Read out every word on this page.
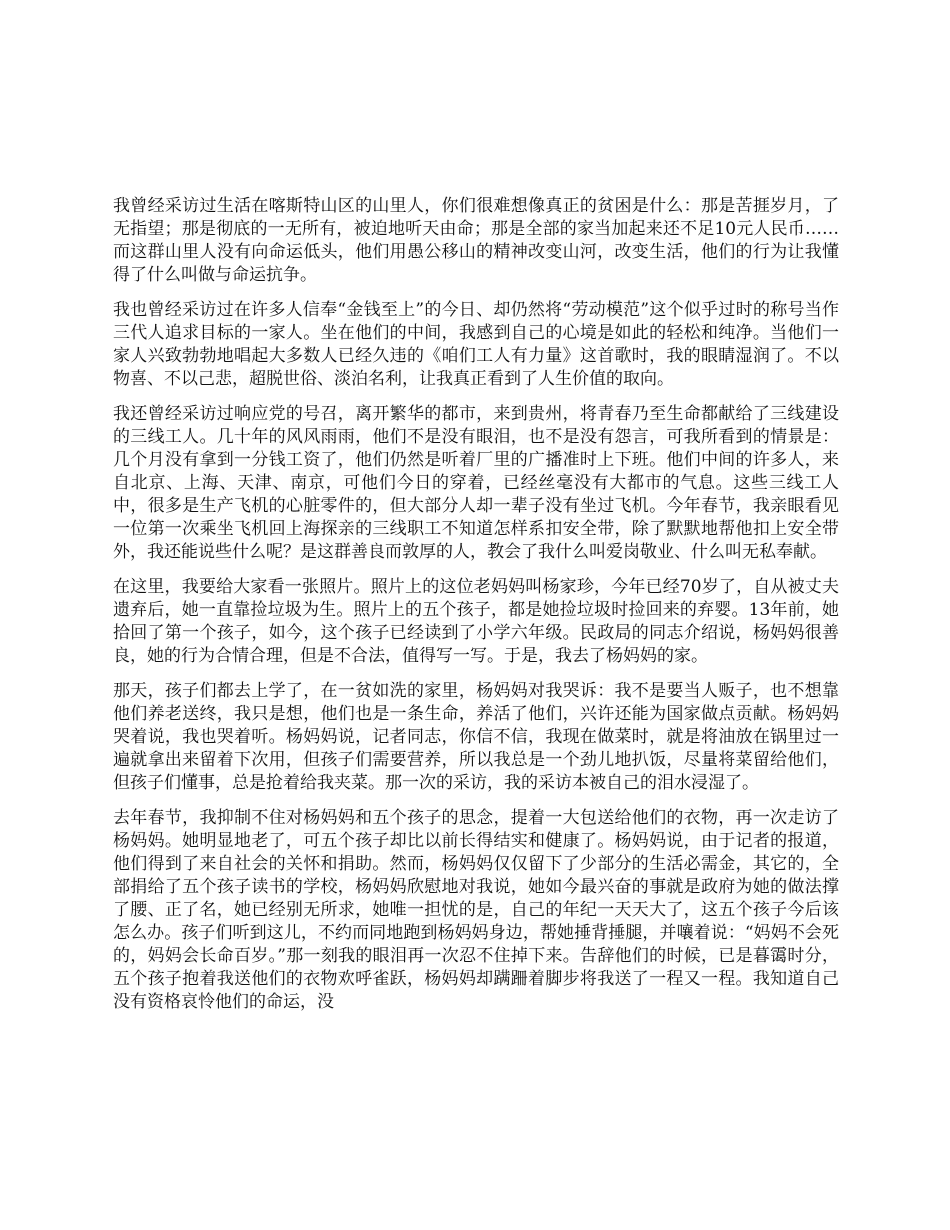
我曾经采访过生活在喀斯特山区的山里人，你们很难想像真正的贫困是什么：那是苦捱岁月，了无指望；那是彻底的一无所有，被迫地听天由命；那是全部的家当加起来还不足10元人民币……而这群山里人没有向命运低头，他们用愚公移山的精神改变山河，改变生活，他们的行为让我懂得了什么叫做与命运抗争。

我也曾经采访过在许多人信奉“金钱至上”的今日、却仍然将“劳动模范”这个似乎过时的称号当作三代人追求目标的一家人。坐在他们的中间，我感到自己的心境是如此的轻松和纯净。当他们一家人兴致勃勃地唱起大多数人已经久违的《咱们工人有力量》这首歌时，我的眼睛湿润了。不以物喜、不以己悲，超脱世俗、淡泊名利，让我真正看到了人生价值的取向。

我还曾经采访过响应党的号召，离开繁华的都市，来到贵州，将青春乃至生命都献给了三线建设的三线工人。几十年的风风雨雨，他们不是没有眼泪，也不是没有怨言，可我所看到的情景是：几个月没有拿到一分钱工资了，他们仍然是听着厂里的广播准时上下班。他们中间的许多人，来自北京、上海、天津、南京，可他们今日的穿着，已经丝毫没有大都市的气息。这些三线工人中，很多是生产飞机的心脏零件的，但大部分人却一辈子没有坐过飞机。今年春节，我亲眼看见一位第一次乘坐飞机回上海探亲的三线职工不知道怎样系扣安全带，除了默默地帮他扣上安全带外，我还能说些什么呢？是这群善良而敦厚的人，教会了我什么叫爱岗敬业、什么叫无私奉献。

在这里，我要给大家看一张照片。照片上的这位老妈妈叫杨家珍，今年已经70岁了，自从被丈夫遗弃后，她一直靠捡垃圾为生。照片上的五个孩子，都是她捡垃圾时捡回来的弃婴。13年前，她拾回了第一个孩子，如今，这个孩子已经读到了小学六年级。民政局的同志介绍说，杨妈妈很善良，她的行为合情合理，但是不合法，值得写一写。于是，我去了杨妈妈的家。

那天，孩子们都去上学了，在一贫如洗的家里，杨妈妈对我哭诉：我不是要当人贩子，也不想靠他们养老送终，我只是想，他们也是一条生命，养活了他们，兴许还能为国家做点贡献。杨妈妈哭着说，我也哭着听。杨妈妈说，记者同志，你信不信，我现在做菜时，就是将油放在锅里过一遍就拿出来留着下次用，但孩子们需要营养，所以我总是一个劲儿地扒饭，尽量将菜留给他们，但孩子们懂事，总是抢着给我夹菜。那一次的采访，我的采访本被自己的泪水浸湿了。

去年春节，我抑制不住对杨妈妈和五个孩子的思念，提着一大包送给他们的衣物，再一次走访了杨妈妈。她明显地老了，可五个孩子却比以前长得结实和健康了。杨妈妈说，由于记者的报道，他们得到了来自社会的关怀和捐助。然而，杨妈妈仅仅留下了少部分的生活必需金，其它的，全部捐给了五个孩子读书的学校，杨妈妈欣慰地对我说，她如今最兴奋的事就是政府为她的做法撑了腰、正了名，她已经别无所求，她唯一担忧的是，自己的年纪一天天大了，这五个孩子今后该怎么办。孩子们听到这儿，不约而同地跑到杨妈妈身边，帮她捶背捶腿，并嚷着说：“妈妈不会死的，妈妈会长命百岁。”那一刻我的眼泪再一次忍不住掉下来。告辞他们的时候，已是暮霭时分，五个孩子抱着我送他们的衣物欢呼雀跃，杨妈妈却蹒跚着脚步将我送了一程又一程。我知道自己没有资格哀怜他们的命运，没
